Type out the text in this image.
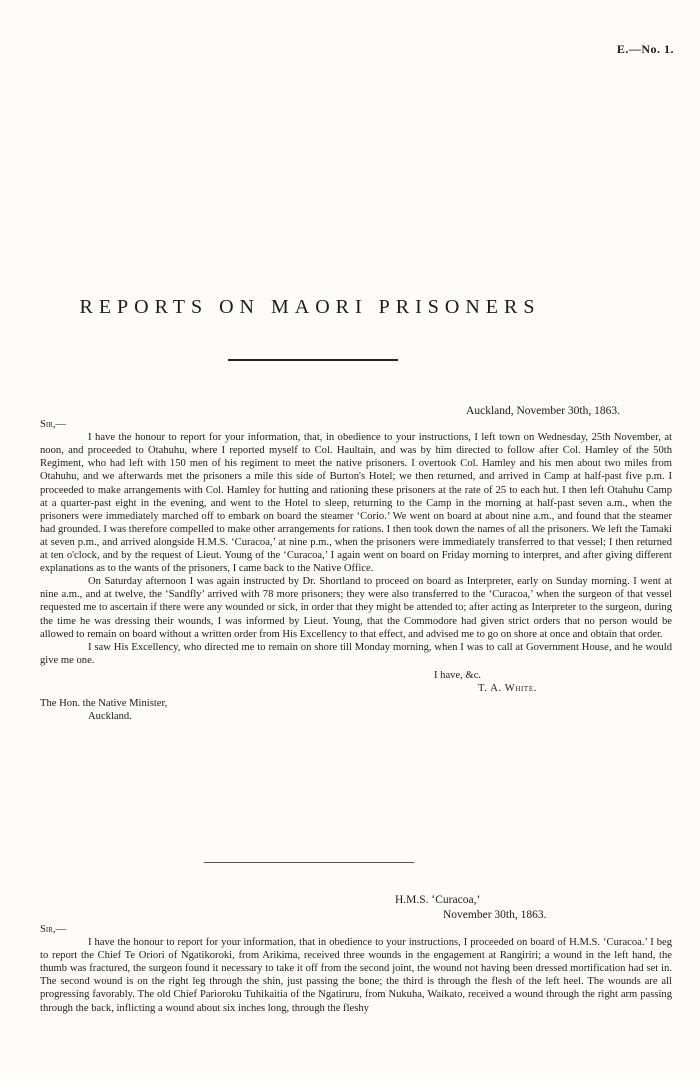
E.—No. 1.
REPORTS ON MAORI PRISONERS
Auckland, November 30th, 1863.
Sir,—

I have the honour to report for your information, that, in obedience to your instructions, I left town on Wednesday, 25th November, at noon, and proceeded to Otahuhu, where I reported myself to Col. Haultain, and was by him directed to follow after Col. Hamley of the 50th Regiment, who had left with 150 men of his regiment to meet the native prisoners. I overtook Col. Hamley and his men about two miles from Otahuhu, and we afterwards met the prisoners a mile this side of Burton's Hotel; we then returned, and arrived in Camp at half-past five p.m. I proceeded to make arrangements with Col. Hamley for hutting and rationing these prisoners at the rate of 25 to each hut. I then left Otahuhu Camp at a quarter-past eight in the evening, and went to the Hotel to sleep, returning to the Camp in the morning at half-past seven a.m., when the prisoners were immediately marched off to embark on board the steamer ‘Corio.’ We went on board at about nine a.m., and found that the steamer had grounded. I was therefore compelled to make other arrangements for rations. I then took down the names of all the prisoners. We left the Tamaki at seven p.m., and arrived alongside H.M.S. ‘Curacoa,’ at nine p.m., when the prisoners were immediately transferred to that vessel; I then returned at ten o'clock, and by the request of Lieut. Young of the ‘Curacoa,’ I again went on board on Friday morning to interpret, and after giving different explanations as to the wants of the prisoners, I came back to the Native Office.

On Saturday afternoon I was again instructed by Dr. Shortland to proceed on board as Interpreter, early on Sunday morning. I went at nine a.m., and at twelve, the ‘Sandfly’ arrived with 78 more prisoners; they were also transferred to the ‘Curacoa,’ when the surgeon of that vessel requested me to ascertain if there were any wounded or sick, in order that they might be attended to; after acting as Interpreter to the surgeon, during the time he was dressing their wounds, I was informed by Lieut. Young, that the Commodore had given strict orders that no person would be allowed to remain on board without a written order from His Excellency to that effect, and advised me to go on shore at once and obtain that order.

I saw His Excellency, who directed me to remain on shore till Monday morning, when I was to call at Government House, and he would give me one.

I have, &c.
T. A. White.
The Hon. the Native Minister,
Auckland.
H.M.S. ‘Curacoa,’
November 30th, 1863.
Sir,—

I have the honour to report for your information, that in obedience to your instructions, I proceeded on board of H.M.S. ‘Curacoa.’ I beg to report the Chief Te Oriori of Ngatikoroki, from Arikima, received three wounds in the engagement at Rangiriri; a wound in the left hand, the thumb was fractured, the surgeon found it necessary to take it off from the second joint, the wound not having been dressed mortification had set in. The second wound is on the right leg through the shin, just passing the bone; the third is through the flesh of the left heel. The wounds are all progressing favorably. The old Chief Parioroku Tuhikaitia of the Ngatiruru, from Nukuha, Waikato, received a wound through the right arm passing through the back, inflicting a wound about six inches long, through the fleshy
